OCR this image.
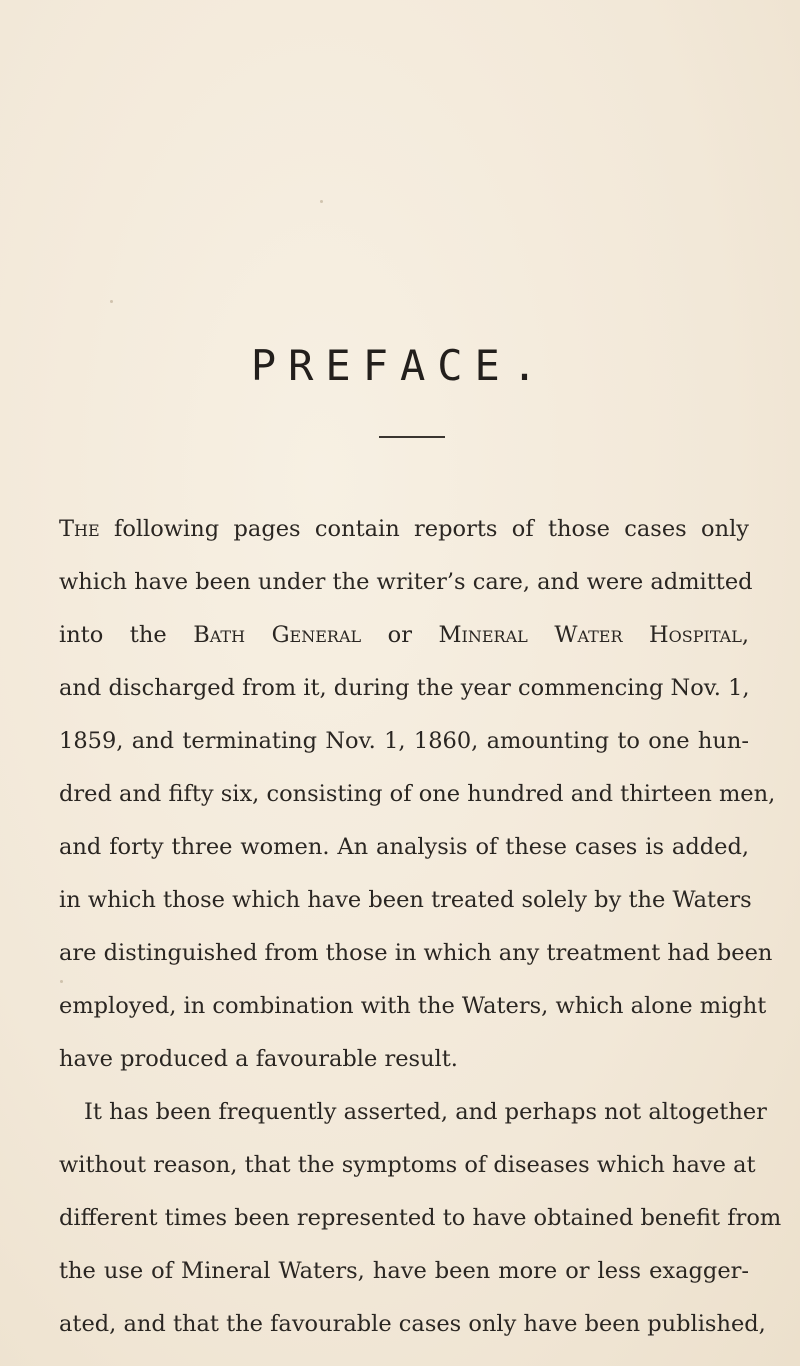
PREFACE.
The following pages contain reports of those cases only
which have been under the writer’s care, and were admitted
into the Bath General or Mineral Water Hospital,
and discharged from it, during the year commencing Nov. 1,
1859, and terminating Nov. 1, 1860, amounting to one hun-
dred and fifty six, consisting of one hundred and thirteen men,
and forty three women. An analysis of these cases is added,
in which those which have been treated solely by the Waters
are distinguished from those in which any treatment had been
employed, in combination with the Waters, which alone might
have produced a favourable result.
It has been frequently asserted, and perhaps not altogether
without reason, that the symptoms of diseases which have at
different times been represented to have obtained benefit from
the use of Mineral Waters, have been more or less exagger-
ated, and that the favourable cases only have been published,
